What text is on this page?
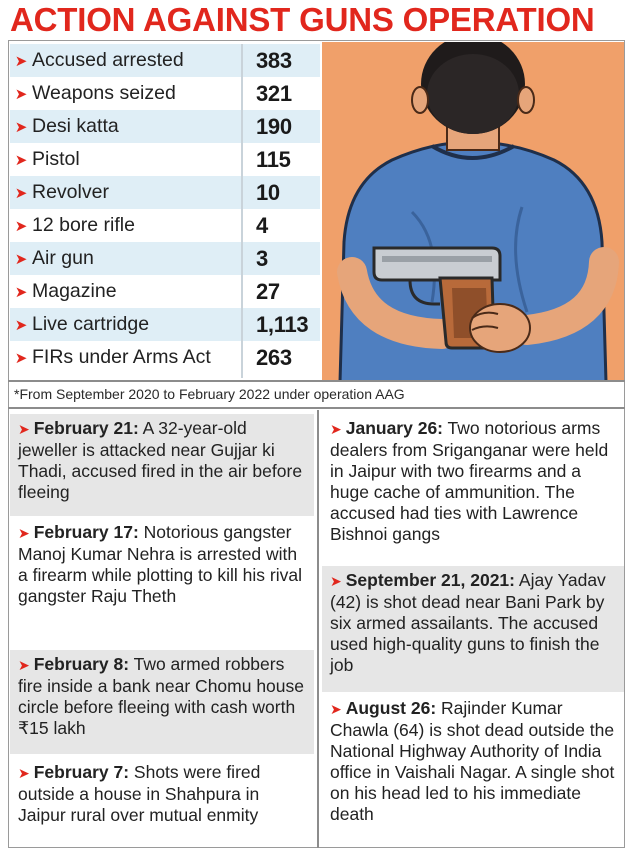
ACTION AGAINST GUNS OPERATION
➤ Accused arrested	383
➤ Weapons seized	321
➤ Desi katta	190
➤ Pistol	115
➤ Revolver	10
➤ 12 bore rifle	4
➤ Air gun	3
➤ Magazine	27
➤ Live cartridge	1,113
➤ FIRs under Arms Act	263
*From September 2020 to February 2022 under operation AAG
➤ February 21: A 32-year-old jeweller is attacked near Gujjar ki Thadi, accused fired in the air before fleeing
➤ February 17: Notorious gangster Manoj Kumar Nehra is arrested with a firearm while plotting to kill his rival gangster Raju Theth
➤ February 8: Two armed robbers fire inside a bank near Chomu house circle before fleeing with cash worth ₹15 lakh
➤ February 7: Shots were fired outside a house in Shahpura in Jaipur rural over mutual enmity
➤ January 26: Two notorious arms dealers from Sriganganar were held in Jaipur with two firearms and a huge cache of ammunition. The accused had ties with Lawrence Bishnoi gangs
➤ September 21, 2021: Ajay Yadav (42) is shot dead near Bani Park by six armed assailants. The accused used high-quality guns to finish the job
➤ August 26: Rajinder Kumar Chawla (64) is shot dead outside the National Highway Authority of India office in Vaishali Nagar. A single shot on his head led to his immediate death
